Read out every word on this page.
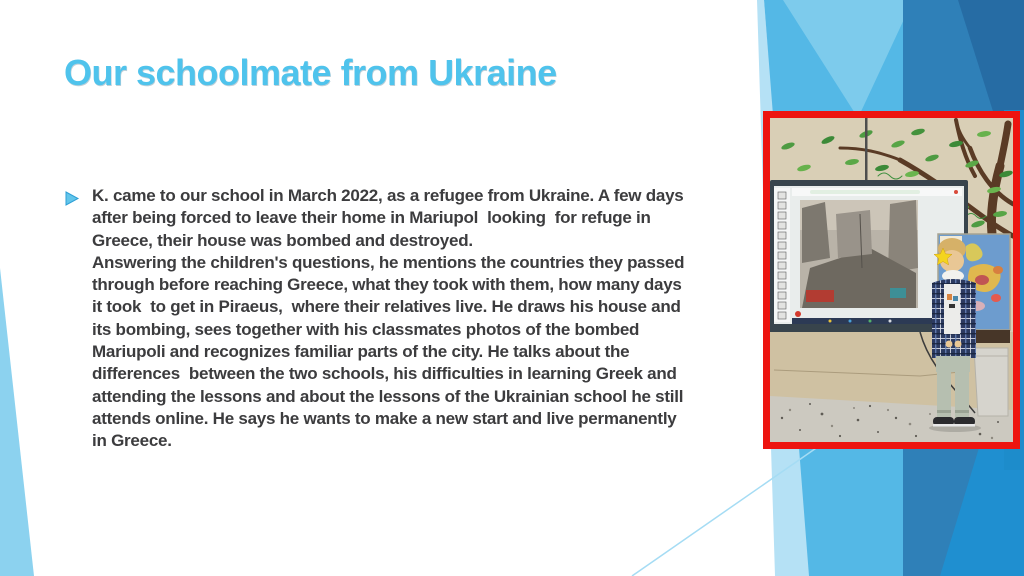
Our schoolmate from Ukraine
K. came to our school in March 2022, as a refugee from Ukraine. A few days
after being forced to leave their home in Mariupol  looking  for refuge in
Greece, their house was bombed and destroyed.
Answering the children's questions, he mentions the countries they passed
through before reaching Greece, what they took with them, how many days
it took  to get in Piraeus,  where their relatives live. He draws his house and
its bombing, sees together with his classmates photos of the bombed
Mariupoli and recognizes familiar parts of the city. He talks about the
differences  between the two schools, his difficulties in learning Greek and
attending the lessons and about the lessons of the Ukrainian school he still
attends online. He says he wants to make a new start and live permanently
in Greece.
